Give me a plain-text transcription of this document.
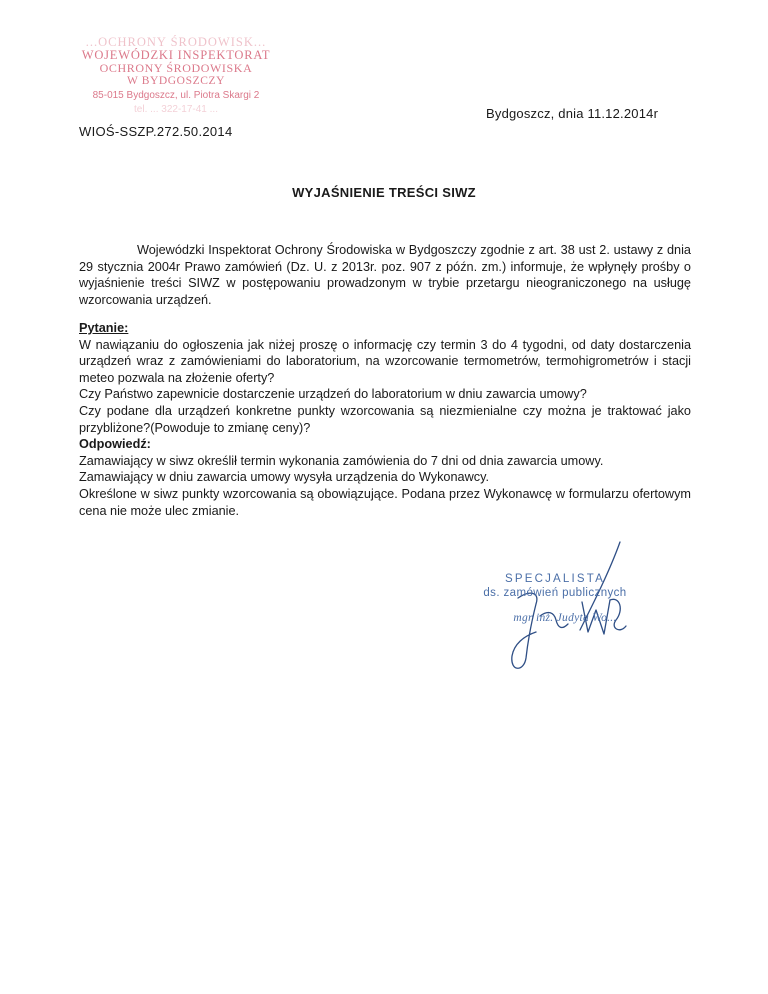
...OCHRONY ŚRODOWISK...
WOJEWÓDZKI INSPEKTORAT
OCHRONY ŚRODOWISKA
W BYDGOSZCZY
85-015 Bydgoszcz, ul. Piotra Skargi 2
tel. ... 322-17-41 ...	Bydgoszcz, dnia 11.12.2014r
WIOŚ-SSZP.272.50.2014
WYJAŚNIENIE TREŚCI SIWZ
Wojewódzki Inspektorat Ochrony Środowiska w Bydgoszczy zgodnie z art. 38 ust 2. ustawy z dnia 29 stycznia 2004r Prawo zamówień (Dz. U. z 2013r. poz. 907 z późn. zm.) informuje, że wpłynęły prośby o wyjaśnienie treści SIWZ w postępowaniu prowadzonym w trybie przetargu nieograniczonego na usługę wzorcowania urządzeń.

Pytanie:

W nawiązaniu do ogłoszenia jak niżej proszę o informację czy termin 3 do 4 tygodni, od daty dostarczenia urządzeń wraz z zamówieniami do laboratorium, na wzorcowanie termometrów, termohigrometrów i stacji meteo pozwala na złożenie oferty?

Czy Państwo zapewnicie dostarczenie urządzeń do laboratorium w dniu zawarcia umowy?

Czy podane dla urządzeń konkretne punkty wzorcowania są niezmienialne czy można je traktować jako przybliżone?(Powoduje to zmianę ceny)?

Odpowiedź:

Zamawiający w siwz określił termin wykonania zamówienia do 7 dni od dnia zawarcia umowy.

Zamawiający w dniu zawarcia umowy wysyła urządzenia do Wykonawcy.

Określone w siwz punkty wzorcowania są obowiązujące. Podana przez Wykonawcę w formularzu ofertowym cena nie może ulec zmianie.

SPECJALISTA
ds. zamówień publicznych
mgr inż. Judyta Wo...
